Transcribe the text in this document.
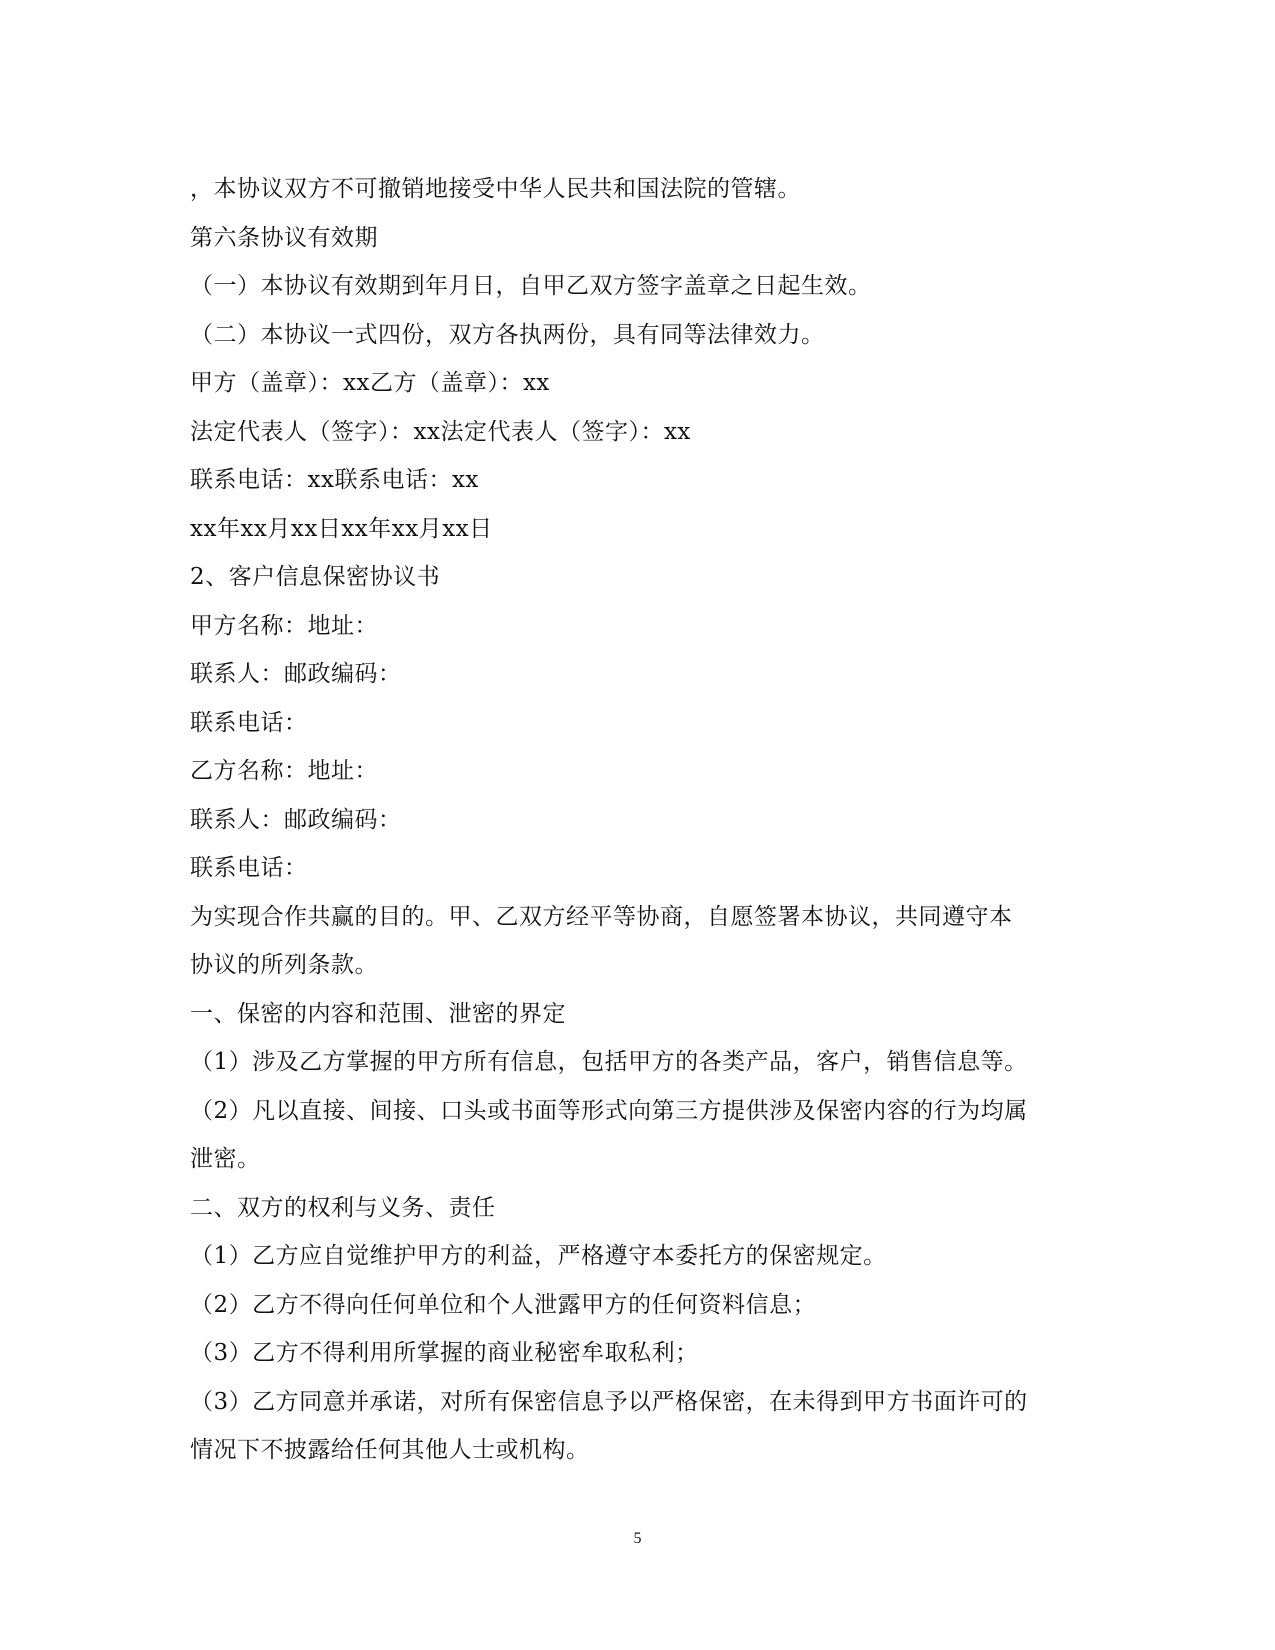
，本协议双方不可撤销地接受中华人民共和国法院的管辖。
第六条协议有效期
（一）本协议有效期到年月日，自甲乙双方签字盖章之日起生效。
（二）本协议一式四份，双方各执两份，具有同等法律效力。
甲方（盖章）：xx乙方（盖章）：xx
法定代表人（签字）：xx法定代表人（签字）：xx
联系电话：xx联系电话：xx
xx年xx月xx日xx年xx月xx日
2、客户信息保密协议书
甲方名称：地址：
联系人：邮政编码：
联系电话：
乙方名称：地址：
联系人：邮政编码：
联系电话：
为实现合作共赢的目的。甲、乙双方经平等协商，自愿签署本协议，共同遵守本
协议的所列条款。
一、保密的内容和范围、泄密的界定
（1）涉及乙方掌握的甲方所有信息，包括甲方的各类产品，客户，销售信息等。
（2）凡以直接、间接、口头或书面等形式向第三方提供涉及保密内容的行为均属
泄密。
二、双方的权利与义务、责任
（1）乙方应自觉维护甲方的利益，严格遵守本委托方的保密规定。
（2）乙方不得向任何单位和个人泄露甲方的任何资料信息；
（3）乙方不得利用所掌握的商业秘密牟取私利；
（3）乙方同意并承诺，对所有保密信息予以严格保密，在未得到甲方书面许可的
情况下不披露给任何其他人士或机构。
5
